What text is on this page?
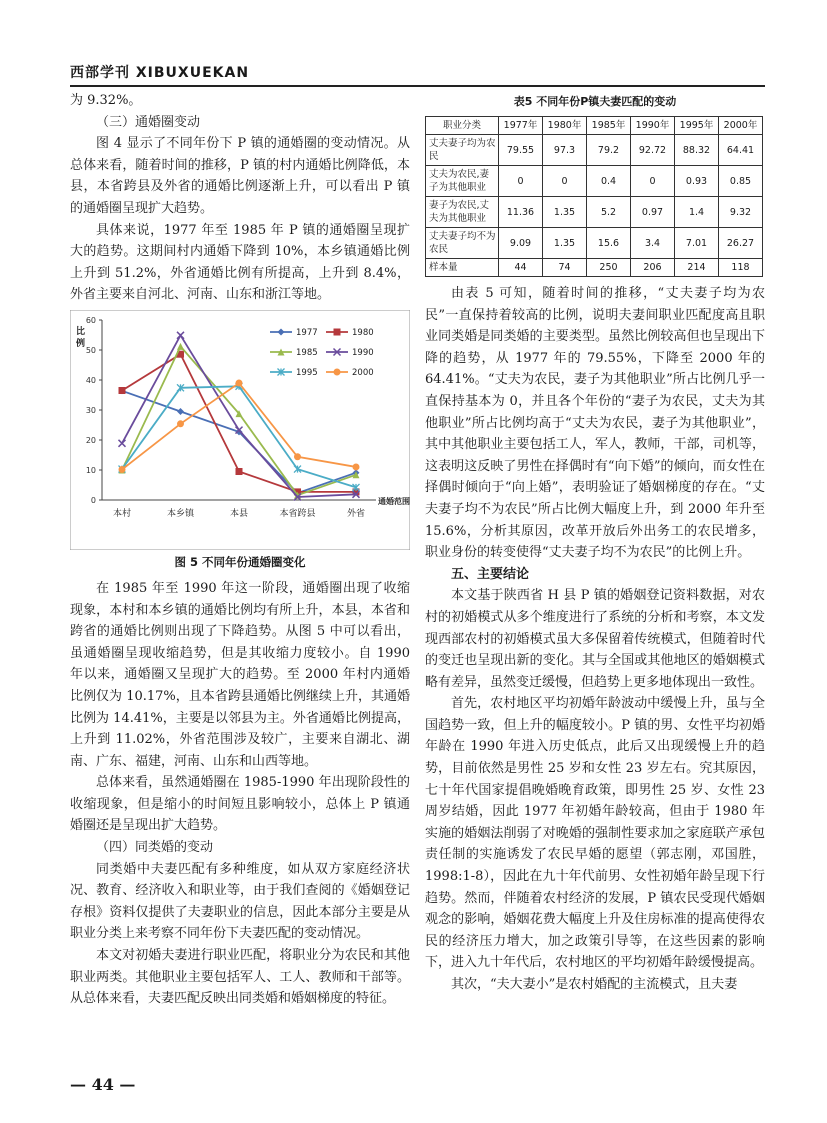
西部学刊 XIBUXUEKAN

为 9.32%。

（三）通婚圈变动

图 4 显示了不同年份下 P 镇的通婚圈的变动情况。从总体来看，随着时间的推移，P 镇的村内通婚比例降低，本县，本省跨县及外省的通婚比例逐渐上升，可以看出 P 镇的通婚圈呈现扩大趋势。

具体来说，1977 年至 1985 年 P 镇的通婚圈呈现扩大的趋势。这期间村内通婚下降到 10%，本乡镇通婚比例上升到 51.2%，外省通婚比例有所提高，上升到 8.4%，外省主要来自河北、河南、山东和浙江等地。

0
10
20
30
40
50
60
比例
本村	本乡镇	本县	本省跨县	外省
通婚范围
1977	1980
1985	1990
1995	2000
图 5 不同年份通婚圈变化

在 1985 年至 1990 年这一阶段，通婚圈出现了收缩现象，本村和本乡镇的通婚比例均有所上升，本县，本省和跨省的通婚比例则出现了下降趋势。从图 5 中可以看出，虽通婚圈呈现收缩趋势，但是其收缩力度较小。自 1990 年以来，通婚圈又呈现扩大的趋势。至 2000 年村内通婚比例仅为 10.17%，且本省跨县通婚比例继续上升，其通婚比例为 14.41%，主要是以邻县为主。外省通婚比例提高，上升到 11.02%，外省范围涉及较广，主要来自湖北、湖南、广东、福建，河南、山东和山西等地。

总体来看，虽然通婚圈在 1985-1990 年出现阶段性的收缩现象，但是缩小的时间短且影响较小，总体上 P 镇通婚圈还是呈现出扩大趋势。

（四）同类婚的变动

同类婚中夫妻匹配有多种维度，如从双方家庭经济状况、教育、经济收入和职业等，由于我们查阅的《婚姻登记存根》资料仅提供了夫妻职业的信息，因此本部分主要是从职业分类上来考察不同年份下夫妻匹配的变动情况。

本文对初婚夫妻进行职业匹配，将职业分为农民和其他职业两类。其他职业主要包括军人、工人、教师和干部等。从总体来看，夫妻匹配反映出同类婚和婚姻梯度的特征。

表5 不同年份P镇夫妻匹配的变动
职业分类	1977年	1980年	1985年	1990年	1995年	2000年
丈夫妻子均为农民	79.55	97.3	79.2	92.72	88.32	64.41
丈夫为农民,妻子为其他职业	0	0	0.4	0	0.93	0.85
妻子为农民,丈夫为其他职业	11.36	1.35	5.2	0.97	1.4	9.32
丈夫妻子均不为农民	9.09	1.35	15.6	3.4	7.01	26.27
样本量	44	74	250	206	214	118

由表 5 可知，随着时间的推移，“丈夫妻子均为农民”一直保持着较高的比例，说明夫妻间职业匹配度高且职业同类婚是同类婚的主要类型。虽然比例较高但也呈现出下降的趋势，从 1977 年的 79.55%，下降至 2000 年的 64.41%。“丈夫为农民，妻子为其他职业”所占比例几乎一直保持基本为 0，并且各个年份的“妻子为农民，丈夫为其他职业”所占比例均高于“丈夫为农民，妻子为其他职业”，其中其他职业主要包括工人，军人，教师，干部，司机等，这表明这反映了男性在择偶时有“向下婚”的倾向，而女性在择偶时倾向于“向上婚”，表明验证了婚姻梯度的存在。“丈夫妻子均不为农民”所占比例大幅度上升，到 2000 年升至 15.6%，分析其原因，改革开放后外出务工的农民增多，职业身份的转变使得“丈夫妻子均不为农民”的比例上升。

五、主要结论

本文基于陕西省 H 县 P 镇的婚姻登记资料数据，对农村的初婚模式从多个维度进行了系统的分析和考察，本文发现西部农村的初婚模式虽大多保留着传统模式，但随着时代的变迁也呈现出新的变化。其与全国或其他地区的婚姻模式略有差异，虽然变迁缓慢，但趋势上更多地体现出一致性。

首先，农村地区平均初婚年龄波动中缓慢上升，虽与全国趋势一致，但上升的幅度较小。P 镇的男、女性平均初婚年龄在 1990 年进入历史低点，此后又出现缓慢上升的趋势，目前依然是男性 25 岁和女性 23 岁左右。究其原因，七十年代国家提倡晚婚晚育政策，即男性 25 岁、女性 23 周岁结婚，因此 1977 年初婚年龄较高，但由于 1980 年实施的婚姻法削弱了对晚婚的强制性要求加之家庭联产承包责任制的实施诱发了农民早婚的愿望（郭志刚，邓国胜，1998:1-8），因此在九十年代前男、女性初婚年龄呈现下行趋势。然而，伴随着农村经济的发展，P 镇农民受现代婚姻观念的影响，婚姻花费大幅度上升及住房标准的提高使得农民的经济压力增大，加之政策引导等，在这些因素的影响下，进入九十年代后，农村地区的平均初婚年龄缓慢提高。

其次，“夫大妻小”是农村婚配的主流模式，且夫妻

— 44 —
